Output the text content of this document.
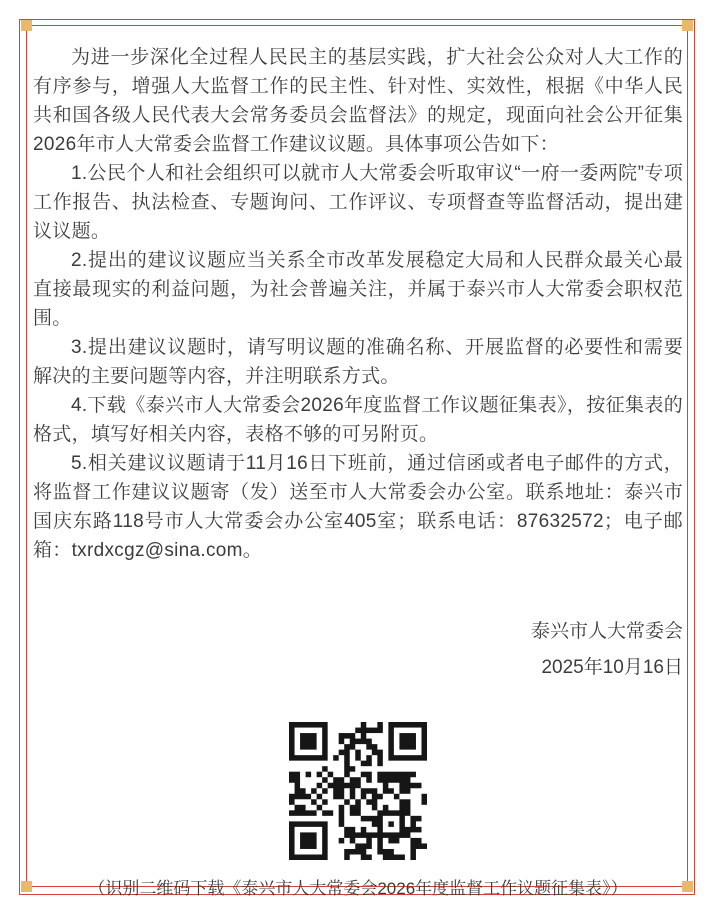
为进一步深化全过程人民民主的基层实践，扩大社会公众对人大工作的有序参与，增强人大监督工作的民主性、针对性、实效性，根据《中华人民共和国各级人民代表大会常务委员会监督法》的规定，现面向社会公开征集2026年市人大常委会监督工作建议议题。具体事项公告如下：

1.公民个人和社会组织可以就市人大常委会听取审议“一府一委两院”专项工作报告、执法检查、专题询问、工作评议、专项督查等监督活动，提出建议议题。

2.提出的建议议题应当关系全市改革发展稳定大局和人民群众最关心最直接最现实的利益问题，为社会普遍关注，并属于泰兴市人大常委会职权范围。

3.提出建议议题时，请写明议题的准确名称、开展监督的必要性和需要解决的主要问题等内容，并注明联系方式。

4.下载《泰兴市人大常委会2026年度监督工作议题征集表》，按征集表的格式，填写好相关内容，表格不够的可另附页。

5.相关建议议题请于11月16日下班前，通过信函或者电子邮件的方式，将监督工作建议议题寄（发）送至市人大常委会办公室。联系地址：泰兴市国庆东路118号市人大常委会办公室405室；联系电话：87632572；电子邮箱：txrdxcgz@sina.com。

泰兴市人大常委会
2025年10月16日
（识别二维码下载《泰兴市人大常委会2026年度监督工作议题征集表》）
